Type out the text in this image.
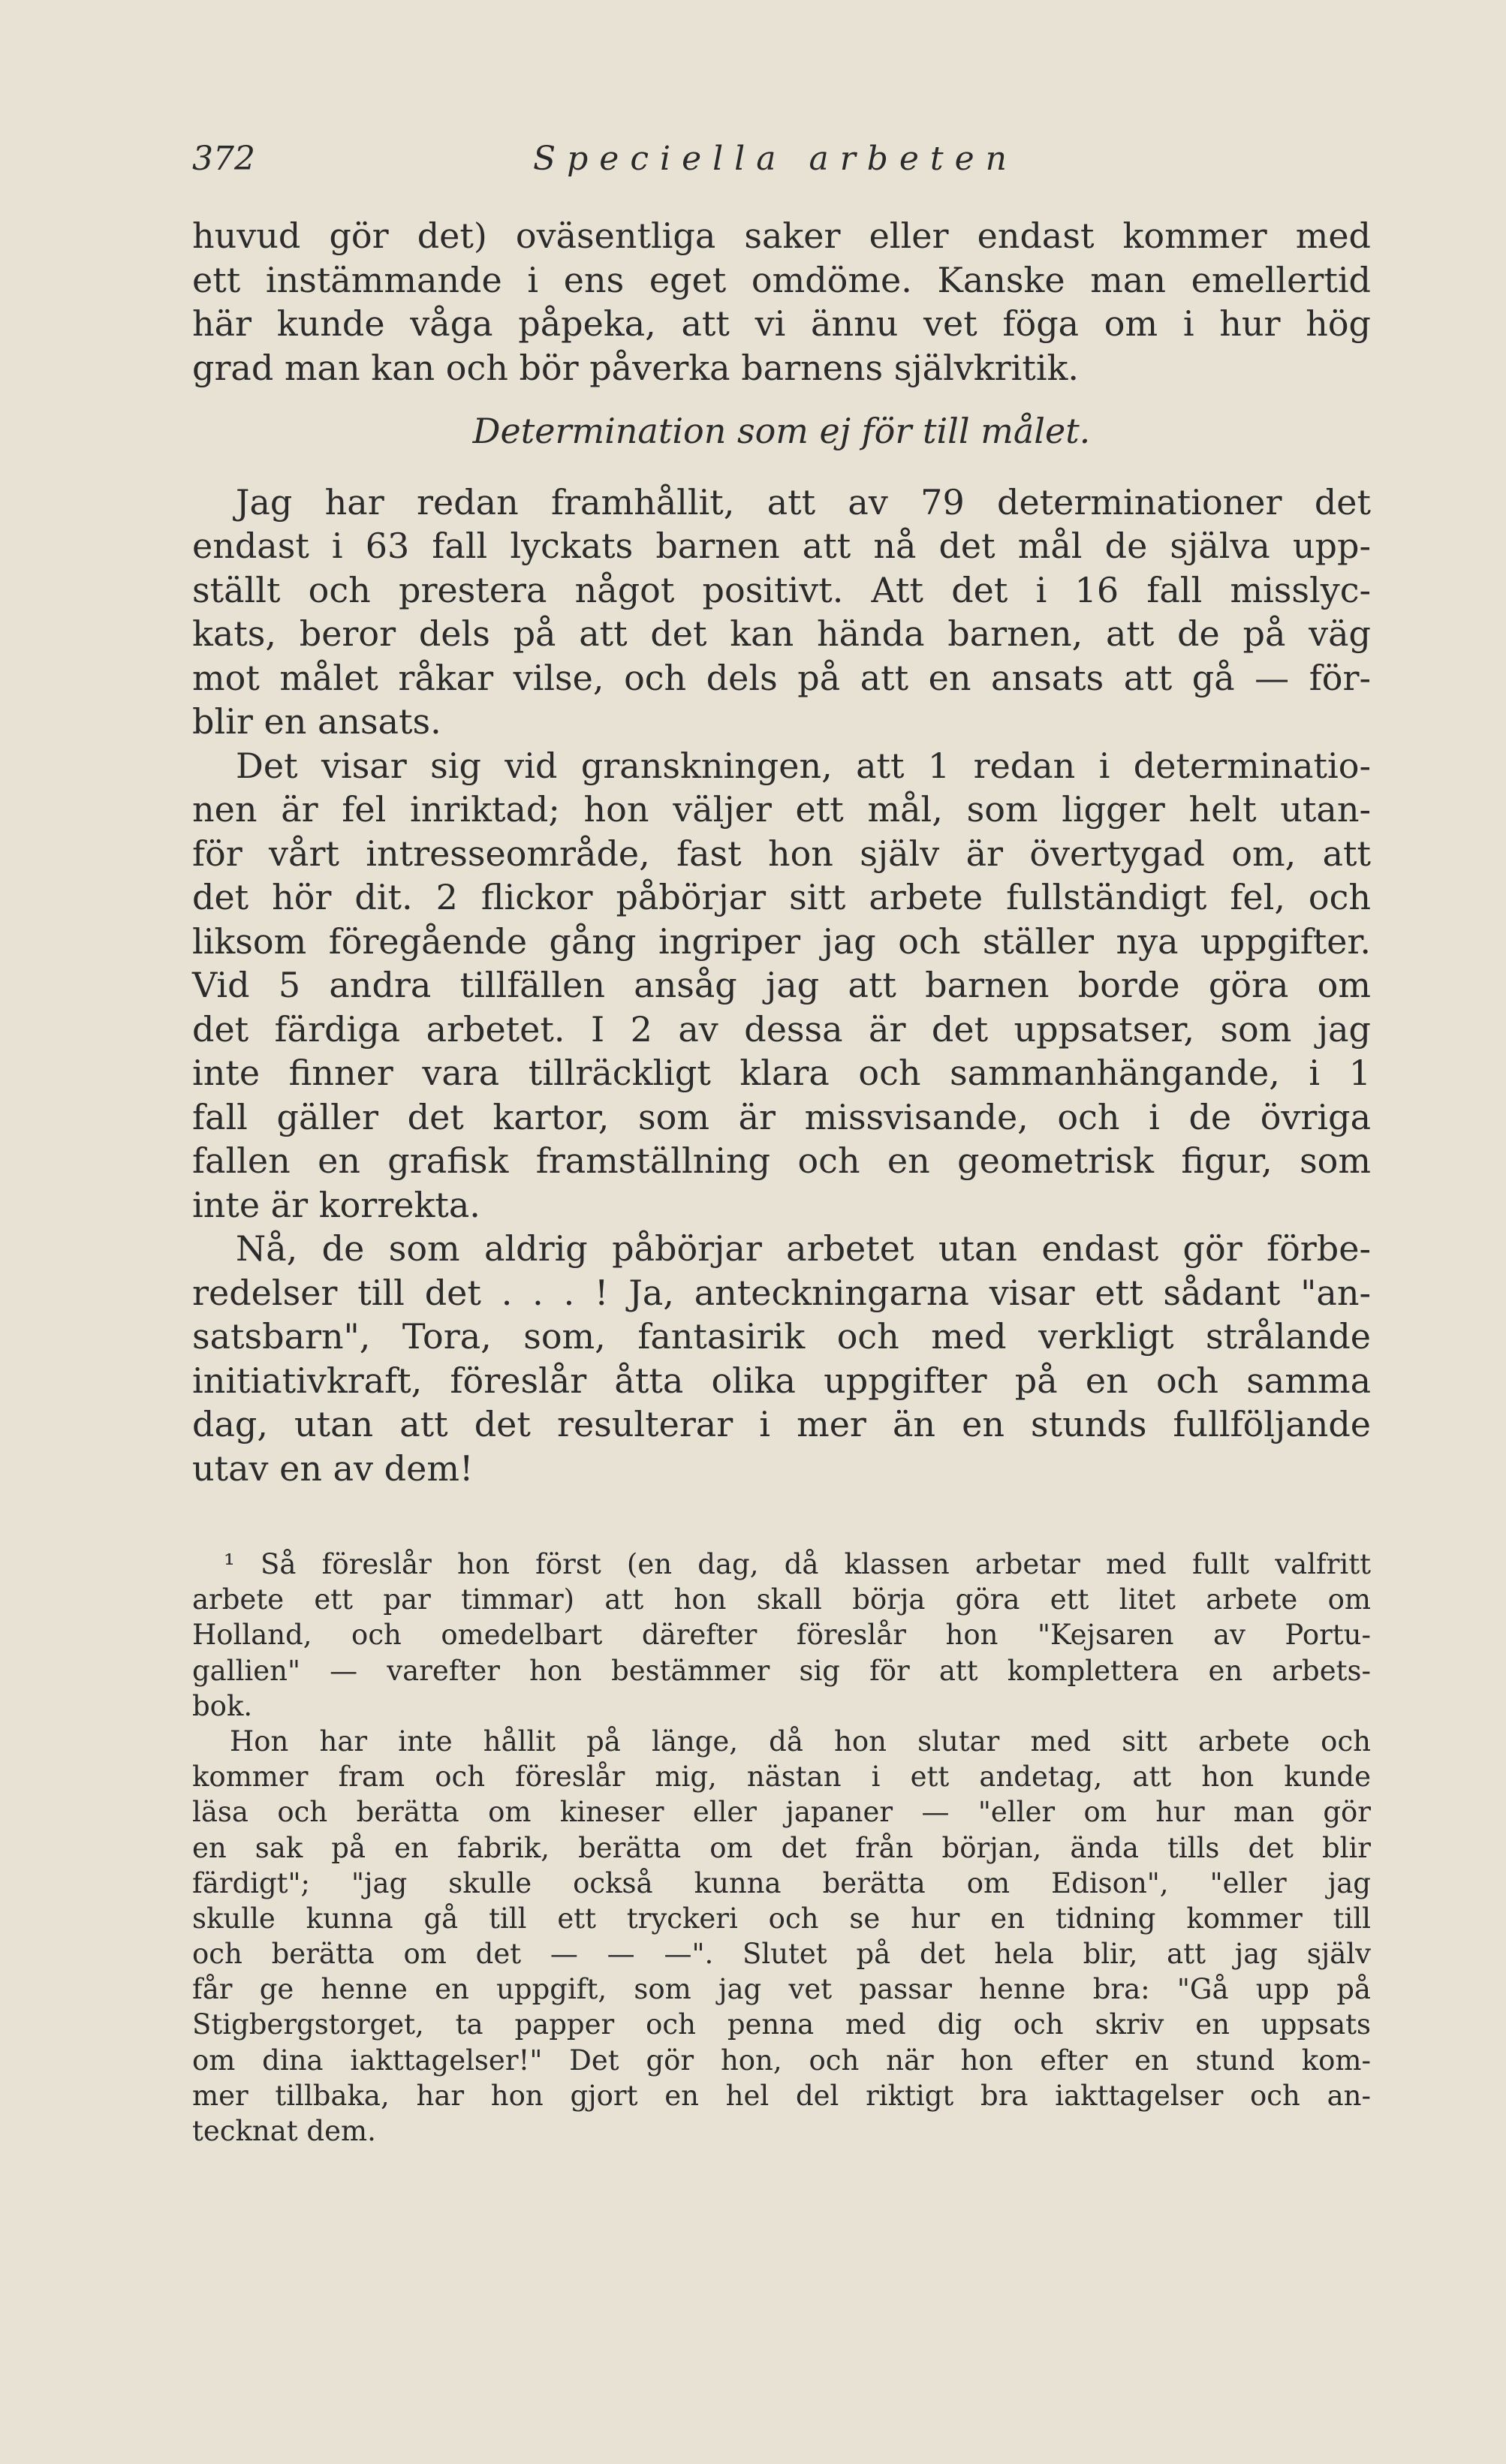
372	Speciella arbeten
huvud gör det) oväsentliga saker eller endast kommer med
ett instämmande i ens eget omdöme. Kanske man emellertid
här kunde våga påpeka, att vi ännu vet föga om i hur hög
grad man kan och bör påverka barnens självkritik.
Determination som ej för till målet.
Jag har redan framhållit, att av 79 determinationer det
endast i 63 fall lyckats barnen att nå det mål de själva upp-
ställt och prestera något positivt. Att det i 16 fall misslyc-
kats, beror dels på att det kan hända barnen, att de på väg
mot målet råkar vilse, och dels på att en ansats att gå — för-
blir en ansats.
Det visar sig vid granskningen, att 1 redan i determinatio-
nen är fel inriktad; hon väljer ett mål, som ligger helt utan-
för vårt intresseområde, fast hon själv är övertygad om, att
det hör dit. 2 flickor påbörjar sitt arbete fullständigt fel, och
liksom föregående gång ingriper jag och ställer nya uppgifter.
Vid 5 andra tillfällen ansåg jag att barnen borde göra om
det färdiga arbetet. I 2 av dessa är det uppsatser, som jag
inte finner vara tillräckligt klara och sammanhängande, i 1
fall gäller det kartor, som är missvisande, och i de övriga
fallen en grafisk framställning och en geometrisk figur, som
inte är korrekta.
Nå, de som aldrig påbörjar arbetet utan endast gör förbe-
redelser till det . . . ! Ja, anteckningarna visar ett sådant "an-
satsbarn", Tora, som, fantasirik och med verkligt strålande
initiativkraft, föreslår åtta olika uppgifter på en och samma
dag, utan att det resulterar i mer än en stunds fullföljande
utav en av dem!
¹ Så föreslår hon först (en dag, då klassen arbetar med fullt valfritt
arbete ett par timmar) att hon skall börja göra ett litet arbete om
Holland, och omedelbart därefter föreslår hon "Kejsaren av Portu-
gallien" — varefter hon bestämmer sig för att komplettera en arbets-
bok.
Hon har inte hållit på länge, då hon slutar med sitt arbete och
kommer fram och föreslår mig, nästan i ett andetag, att hon kunde
läsa och berätta om kineser eller japaner — "eller om hur man gör
en sak på en fabrik, berätta om det från början, ända tills det blir
färdigt"; "jag skulle också kunna berätta om Edison", "eller jag
skulle kunna gå till ett tryckeri och se hur en tidning kommer till
och berätta om det — — —". Slutet på det hela blir, att jag själv
får ge henne en uppgift, som jag vet passar henne bra: "Gå upp på
Stigbergstorget, ta papper och penna med dig och skriv en uppsats
om dina iakttagelser!" Det gör hon, och när hon efter en stund kom-
mer tillbaka, har hon gjort en hel del riktigt bra iakttagelser och an-
tecknat dem.
